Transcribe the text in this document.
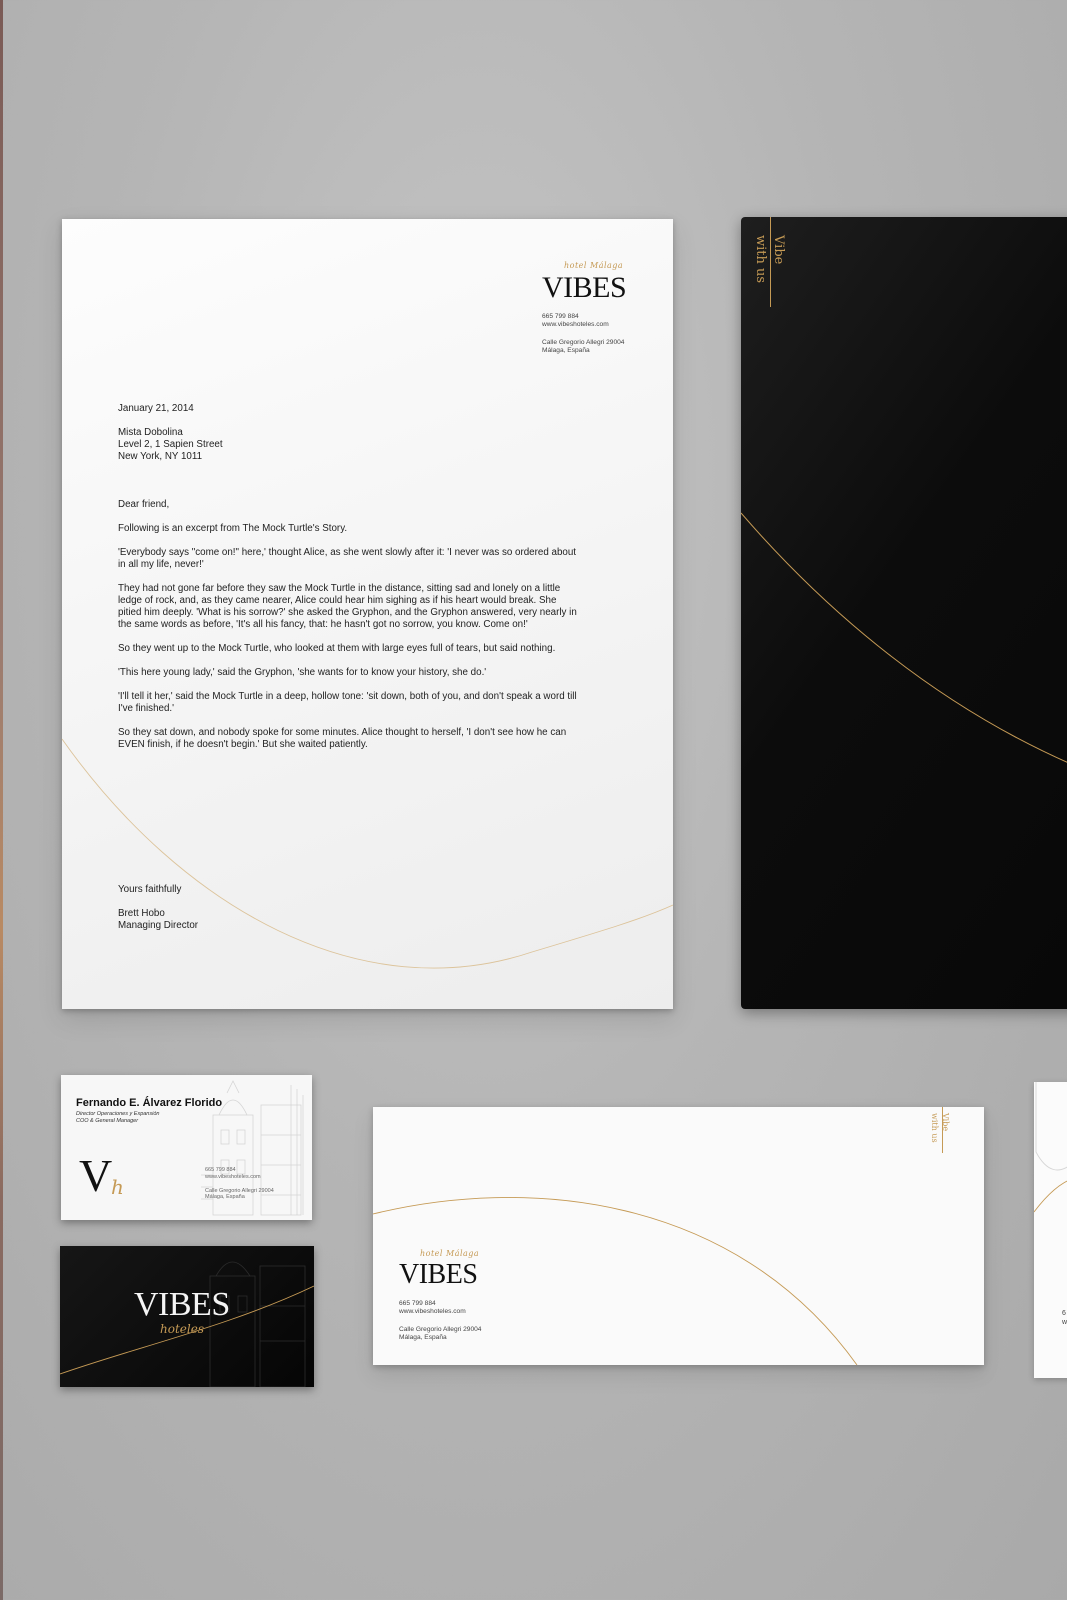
hotel Málaga
VIBES
665 799 884
www.vibeshoteles.com
Calle Gregorio Allegri 29004
Málaga, España
January 21, 2014

Mista Dobolina

Level 2, 1 Sapien Street

New York, NY 1011

Dear friend,

Following is an excerpt from The Mock Turtle's Story.

'Everybody says "come on!" here,' thought Alice, as she went slowly after it: 'I never was so ordered about in all my life, never!'

They had not gone far before they saw the Mock Turtle in the distance, sitting sad and lonely on a little ledge of rock, and, as they came nearer, Alice could hear him sighing as if his heart would break. She pitied him deeply. 'What is his sorrow?' she asked the Gryphon, and the Gryphon answered, very nearly in the same words as before, 'It's all his fancy, that: he hasn't got no sorrow, you know. Come on!'

So they went up to the Mock Turtle, who looked at them with large eyes full of tears, but said nothing.

'This here young lady,' said the Gryphon, 'she wants for to know your history, she do.'

'I'll tell it her,' said the Mock Turtle in a deep, hollow tone: 'sit down, both of you, and don't speak a word till I've finished.'

So they sat down, and nobody spoke for some minutes. Alice thought to herself, 'I don't see how he can EVEN finish, if he doesn't begin.' But she waited patiently.

Yours faithfully

Brett Hobo

Managing Director

Vibe
with us
Fernando E. Álvarez Florido
Director Operaciones y Expansión
COO & General Manager
V
h
665 799 884
www.vibeshoteles.com
Calle Gregorio Allegri 29004
Málaga, España
VIBES
hoteles
Vibe
with us
hotel Málaga
VIBES
665 799 884
www.vibeshoteles.com
Calle Gregorio Allegri 29004
Málaga, España
6
w
